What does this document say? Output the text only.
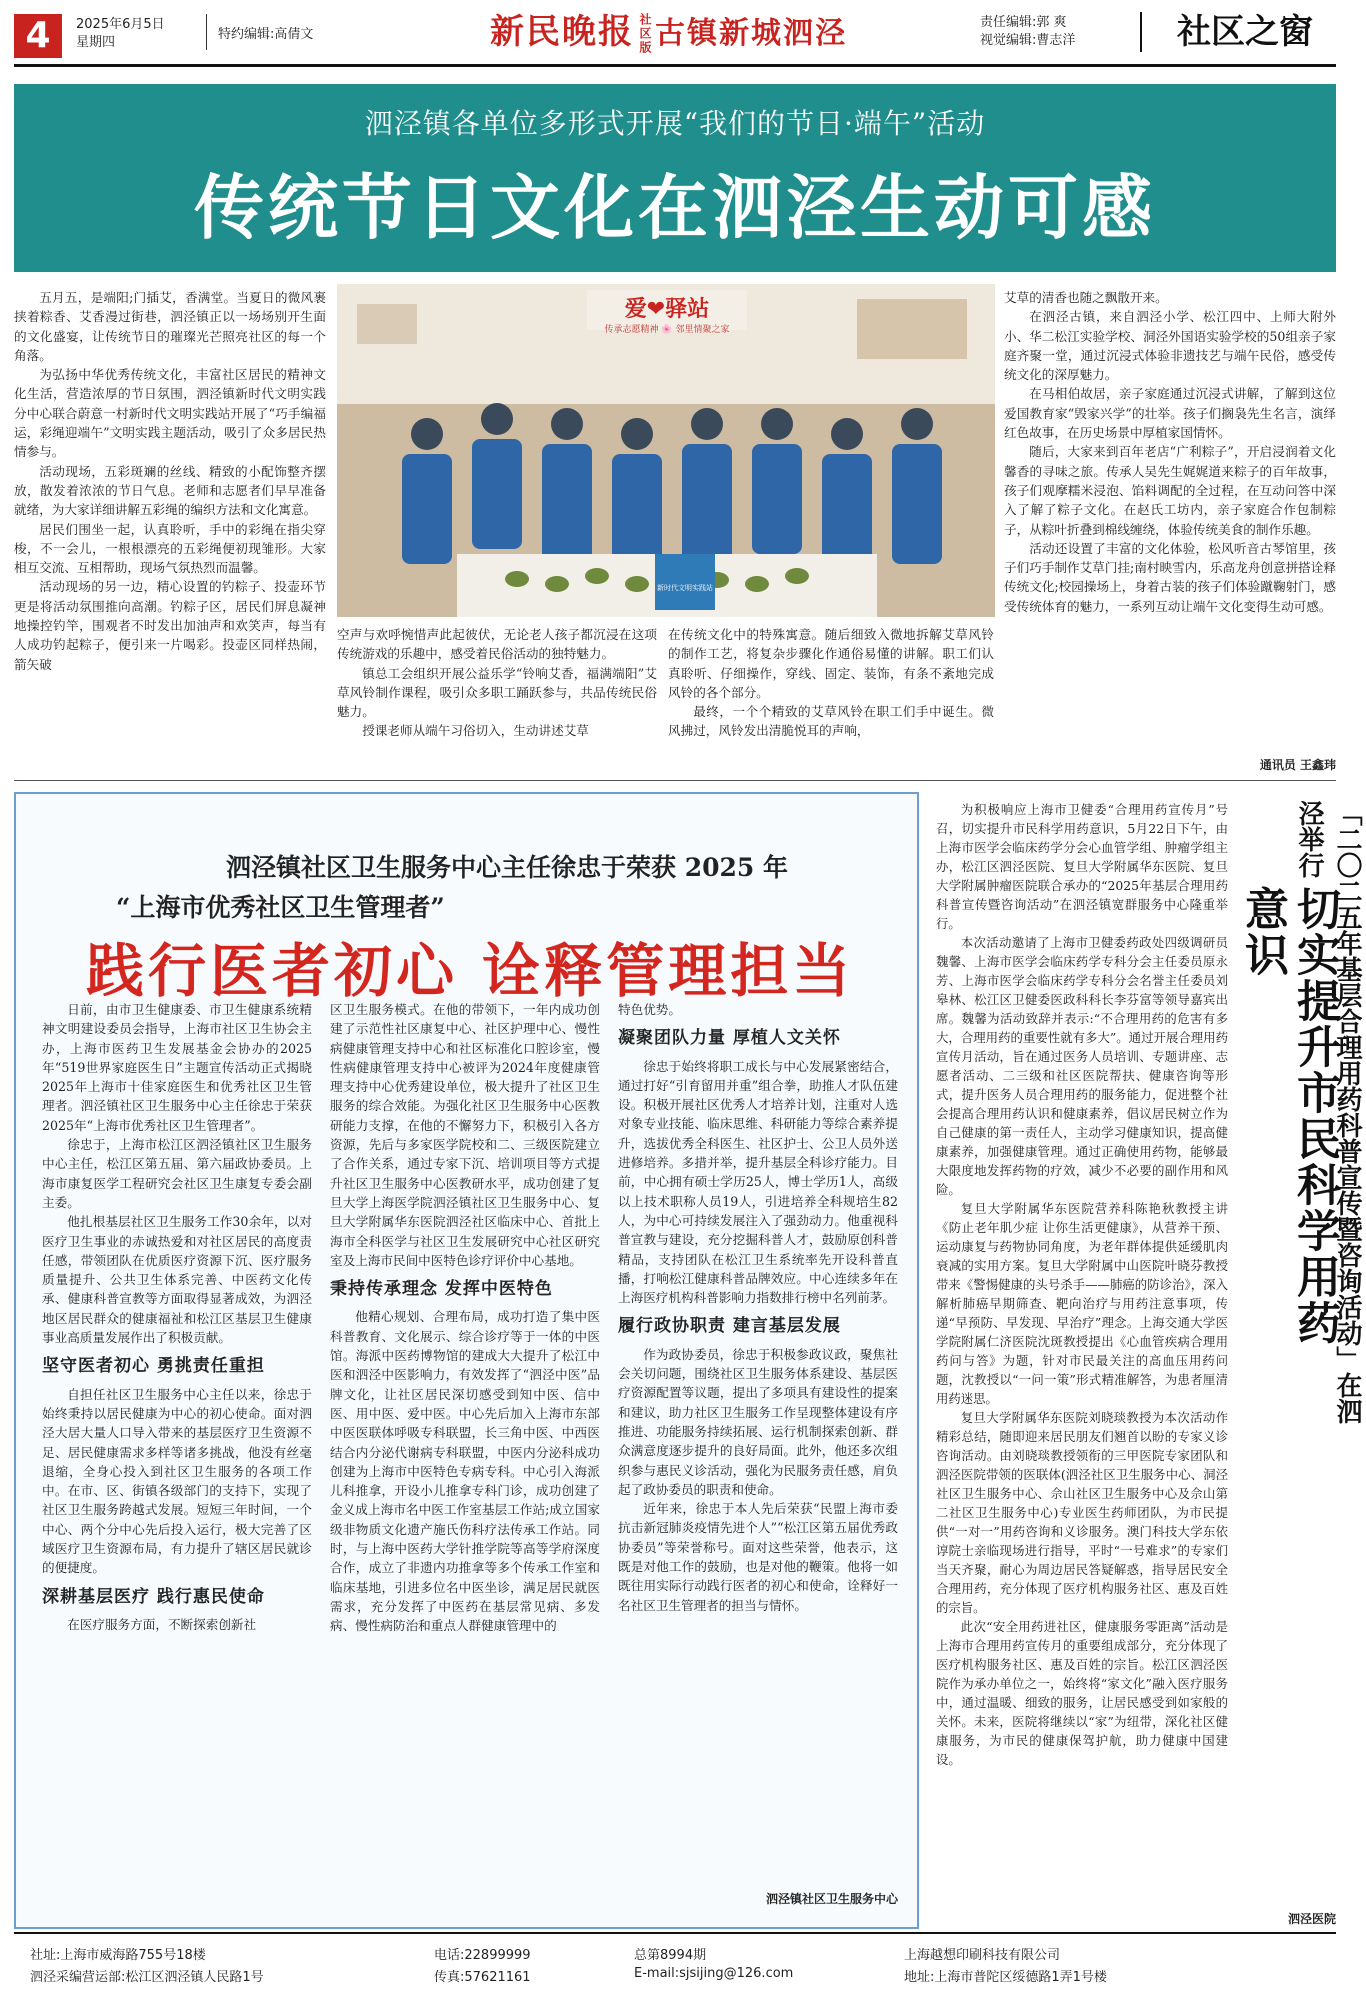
4	2025年6月5日
星期四
特约编辑:高倩文	新民晚报 社区版 古镇新城泗泾	责任编辑:郭 爽
视觉编辑:曹志洋	社区之窗
泗泾镇各单位多形式开展“我们的节日·端午”活动
传统节日文化在泗泾生动可感

五月五，是端阳;门插艾，香满堂。当夏日的微风裹挟着粽香、艾香漫过街巷，泗泾镇正以一场场别开生面的文化盛宴，让传统节日的璀璨光芒照亮社区的每一个角落。

为弘扬中华优秀传统文化，丰富社区居民的精神文化生活，营造浓厚的节日氛围，泗泾镇新时代文明实践分中心联合蔚意一村新时代文明实践站开展了“巧手编福运，彩绳迎端午”文明实践主题活动，吸引了众多居民热情参与。

活动现场，五彩斑斓的丝线、精致的小配饰整齐摆放，散发着浓浓的节日气息。老师和志愿者们早早准备就绪，为大家详细讲解五彩绳的编织方法和文化寓意。

居民们围坐一起，认真聆听，手中的彩绳在指尖穿梭，不一会儿，一根根漂亮的五彩绳便初现雏形。大家相互交流、互相帮助，现场气氛热烈而温馨。

活动现场的另一边，精心设置的钓粽子、投壶环节更是将活动氛围推向高潮。钓粽子区，居民们屏息凝神地操控钓竿，围观者不时发出加油声和欢笑声，每当有人成功钓起粽子，便引来一片喝彩。投壶区同样热闹，箭矢破

爱❤驿站
传承志愿精神 🌸 邻里情聚之家
新时代文明实践站

空声与欢呼惋惜声此起彼伏，无论老人孩子都沉浸在这项传统游戏的乐趣中，感受着民俗活动的独特魅力。

镇总工会组织开展公益乐学“铃响艾香，福满端阳”艾草风铃制作课程，吸引众多职工踊跃参与，共品传统民俗魅力。

授课老师从端午习俗切入，生动讲述艾草

在传统文化中的特殊寓意。随后细致入微地拆解艾草风铃的制作工艺，将复杂步骤化作通俗易懂的讲解。职工们认真聆听、仔细操作，穿线、固定、装饰，有条不紊地完成风铃的各个部分。

最终，一个个精致的艾草风铃在职工们手中诞生。微风拂过，风铃发出清脆悦耳的声响，

艾草的清香也随之飘散开来。

在泗泾古镇，来自泗泾小学、松江四中、上师大附外小、华二松江实验学校、洞泾外国语实验学校的50组亲子家庭齐聚一堂，通过沉浸式体验非遗技艺与端午民俗，感受传统文化的深厚魅力。

在马相伯故居，亲子家庭通过沉浸式讲解，了解到这位爱国教育家“毁家兴学”的壮举。孩子们搁袅先生名言，演绎红色故事，在历史场景中厚植家国情怀。

随后，大家来到百年老店“广利粽子”，开启浸润着文化馨香的寻味之旅。传承人吴先生娓娓道来粽子的百年故事，孩子们观摩糯米浸泡、馅料调配的全过程，在互动问答中深入了解了粽子文化。在赵氏工坊内，亲子家庭合作包制粽子，从粽叶折叠到棉线缠绕，体验传统美食的制作乐趣。

活动还设置了丰富的文化体验，松风听音古琴馆里，孩子们巧手制作艾草门挂;南村映雪内，乐高龙舟创意拼搭诠释传统文化;校园操场上，身着古装的孩子们体验蹴鞠射门，感受传统体育的魅力，一系列互动让端午文化变得生动可感。

通讯员 王鑫玮
泗泾镇社区卫生服务中心主任徐忠于荣获 2025 年
“上海市优秀社区卫生管理者”
践行医者初心 诠释管理担当

日前，由市卫生健康委、市卫生健康系统精神文明建设委员会指导，上海市社区卫生协会主办，上海市医药卫生发展基金会协办的2025年“519世界家庭医生日”主题宣传活动正式揭晓2025年上海市十佳家庭医生和优秀社区卫生管理者。泗泾镇社区卫生服务中心主任徐忠于荣获2025年“上海市优秀社区卫生管理者”。

徐忠于，上海市松江区泗泾镇社区卫生服务中心主任，松江区第五届、第六届政协委员。上海市康复医学工程研究会社区卫生康复专委会副主委。

他扎根基层社区卫生服务工作30余年，以对医疗卫生事业的赤诚热爱和对社区居民的高度责任感，带领团队在优质医疗资源下沉、医疗服务质量提升、公共卫生体系完善、中医药文化传承、健康科普宣教等方面取得显著成效，为泗泾地区居民群众的健康福祉和松江区基层卫生健康事业高质量发展作出了积极贡献。

坚守医者初心 勇挑责任重担

自担任社区卫生服务中心主任以来，徐忠于始终秉持以居民健康为中心的初心使命。面对泗泾大居大量人口导入带来的基层医疗卫生资源不足、居民健康需求多样等诸多挑战，他没有丝毫退缩，全身心投入到社区卫生服务的各项工作中。在市、区、街镇各级部门的支持下，实现了社区卫生服务跨越式发展。短短三年时间，一个中心、两个分中心先后投入运行，极大完善了区域医疗卫生资源布局，有力提升了辖区居民就诊的便捷度。

深耕基层医疗 践行惠民使命

在医疗服务方面，不断探索创新社

区卫生服务模式。在他的带领下，一年内成功创建了示范性社区康复中心、社区护理中心、慢性病健康管理支持中心和社区标准化口腔诊室，慢性病健康管理支持中心被评为2024年度健康管理支持中心优秀建设单位，极大提升了社区卫生服务的综合效能。为强化社区卫生服务中心医教研能力支撑，在他的不懈努力下，积极引入各方资源，先后与多家医学院校和二、三级医院建立了合作关系，通过专家下沉、培训项目等方式提升社区卫生服务中心医教研水平，成功创建了复旦大学上海医学院泗泾镇社区卫生服务中心、复旦大学附属华东医院泗泾社区临床中心、首批上海市全科医学与社区卫生发展研究中心社区研究室及上海市民间中医特色诊疗评价中心基地。

秉持传承理念 发挥中医特色

他精心规划、合理布局，成功打造了集中医科普教育、文化展示、综合诊疗等于一体的中医馆。海派中医药博物馆的建成大大提升了松江中医和泗泾中医影响力，有效发挥了“泗泾中医”品牌文化，让社区居民深切感受到知中医、信中医、用中医、爱中医。中心先后加入上海市东部中医医联体呼吸专科联盟，长三角中医、中西医结合内分泌代谢病专科联盟，中医内分泌科成功创建为上海市中医特色专病专科。中心引入海派儿科推拿，开设小儿推拿专科门诊，成功创建了金义成上海市名中医工作室基层工作站;成立国家级非物质文化遗产施氏伤科疗法传承工作站。同时，与上海中医药大学针推学院等高等学府深度合作，成立了非遗内功推拿等多个传承工作室和临床基地，引进多位名中医坐诊，满足居民就医需求，充分发挥了中医药在基层常见病、多发病、慢性病防治和重点人群健康管理中的

特色优势。

凝聚团队力量 厚植人文关怀

徐忠于始终将职工成长与中心发展紧密结合，通过打好“引育留用并重”组合拳，助推人才队伍建设。积极开展社区优秀人才培养计划，注重对人选对象专业技能、临床思维、科研能力等综合素养提升，选拔优秀全科医生、社区护士、公卫人员外送进修培养。多措并举，提升基层全科诊疗能力。目前，中心拥有硕士学历25人，博士学历1人，高级以上技术职称人员19人，引进培养全科规培生82人，为中心可持续发展注入了强劲动力。他重视科普宣教与建设，充分挖掘科普人才，鼓励原创科普精品，支持团队在松江卫生系统率先开设科普直播，打响松江健康科普品牌效应。中心连续多年在上海医疗机构科普影响力指数排行榜中名列前茅。

履行政协职责 建言基层发展

作为政协委员，徐忠于积极参政议政，聚焦社会关切问题，围绕社区卫生服务体系建设、基层医疗资源配置等议题，提出了多项具有建设性的提案和建议，助力社区卫生服务工作呈现整体建设有序推进、功能服务持续拓展、运行机制探索创新、群众满意度逐步提升的良好局面。此外，他还多次组织参与惠民义诊活动，强化为民服务责任感，肩负起了政协委员的职责和使命。

近年来，徐忠于本人先后荣获“民盟上海市委抗击新冠肺炎疫情先进个人”“松江区第五届优秀政协委员”等荣誉称号。面对这些荣誉，他表示，这既是对他工作的鼓励，也是对他的鞭策。他将一如既往用实际行动践行医者的初心和使命，诠释好一名社区卫生管理者的担当与情怀。

泗泾镇社区卫生服务中心
「二〇二五年基层合理用药科普宣传暨咨询活动」在泗泾举行
切实提升市民科学用药意识

为积极响应上海市卫健委“合理用药宣传月”号召，切实提升市民科学用药意识，5月22日下午，由上海市医学会临床药学分会心血管学组、肿瘤学组主办，松江区泗泾医院、复旦大学附属华东医院、复旦大学附属肿瘤医院联合承办的“2025年基层合理用药科普宣传暨咨询活动”在泗泾镇宽群服务中心隆重举行。

本次活动邀请了上海市卫健委药政处四级调研员魏馨、上海市医学会临床药学专科分会主任委员原永芳、上海市医学会临床药学专科分会名誉主任委员刘皋林、松江区卫健委医政科科长李芬富等领导嘉宾出席。魏馨为活动致辞并表示:“不合理用药的危害有多大，合理用药的重要性就有多大”。通过开展合理用药宣传月活动，旨在通过医务人员培训、专题讲座、志愿者活动、二三级和社区医院帮扶、健康咨询等形式，提升医务人员合理用药的服务能力，促进整个社会提高合理用药认识和健康素养，倡议居民树立作为自己健康的第一责任人，主动学习健康知识，提高健康素养，加强健康管理。通过正确使用药物，能够最大限度地发挥药物的疗效，减少不必要的副作用和风险。

复旦大学附属华东医院营养科陈艳秋教授主讲《防止老年肌少症 让你生活更健康》，从营养干预、运动康复与药物协同角度，为老年群体提供延缓肌肉衰减的实用方案。复旦大学附属中山医院叶晓芬教授带来《警惕健康的头号杀手——肺癌的防诊治》，深入解析肺癌早期筛查、靶向治疗与用药注意事项，传递“早预防、早发现、早治疗”理念。上海交通大学医学院附属仁济医院沈斑教授提出《心血管疾病合理用药问与答》为题，针对市民最关注的高血压用药问题，沈教授以“一问一策”形式精准解答，为患者厘清用药迷思。

复旦大学附属华东医院刘晓琰教授为本次活动作精彩总结，随即迎来居民朋友们翘首以盼的专家义诊咨询活动。由刘晓琰教授领衔的三甲医院专家团队和泗泾医院带领的医联体(泗泾社区卫生服务中心、洞泾社区卫生服务中心、佘山社区卫生服务中心及佘山第二社区卫生服务中心)专业医生药师团队，为市民提供“一对一”用药咨询和义诊服务。澳门科技大学东依谆院士亲临现场进行指导，平时“一号难求”的专家们当天齐聚，耐心为周边居民答疑解惑，指导居民安全合理用药，充分体现了医疗机构服务社区、惠及百姓的宗旨。

此次“安全用药进社区，健康服务零距离”活动是上海市合理用药宣传月的重要组成部分，充分体现了医疗机构服务社区、惠及百姓的宗旨。松江区泗泾医院作为承办单位之一，始终将“家文化”融入医疗服务中，通过温暖、细致的服务，让居民感受到如家般的关怀。未来，医院将继续以“家”为纽带，深化社区健康服务，为市民的健康保驾护航，助力健康中国建设。

泗泾医院
社址:上海市威海路755号18楼
泗泾采编营运部:松江区泗泾镇人民路1号
电话:22899999
传真:57621161
总第8994期
E-mail:sjsijing@126.com
上海越想印刷科技有限公司
地址:上海市普陀区绥德路1弄1号楼
